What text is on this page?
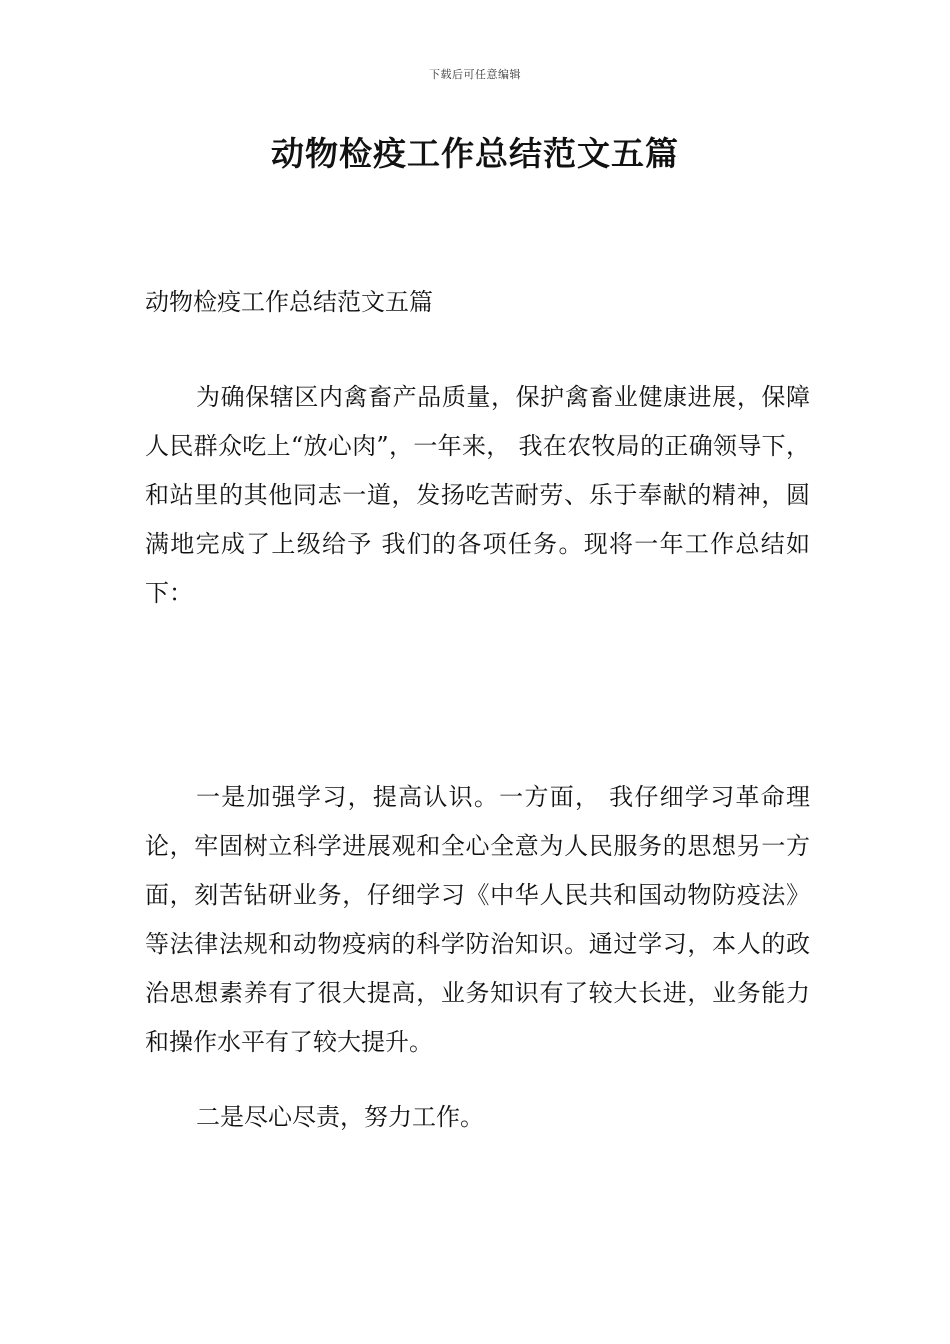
下载后可任意编辑
动物检疫工作总结范文五篇

动物检疫工作总结范文五篇

为确保辖区内禽畜产品质量，保护禽畜业健康进展，保障人民群众吃上“放心肉”，一年来， 我在农牧局的正确领导下，和站里的其他同志一道，发扬吃苦耐劳、乐于奉献的精神，圆满地完成了上级给予 我们的各项任务。现将一年工作总结如下：

一是加强学习，提高认识。一方面， 我仔细学习革命理论，牢固树立科学进展观和全心全意为人民服务的思想另一方面，刻苦钻研业务，仔细学习《中华人民共和国动物防疫法》等法律法规和动物疫病的科学防治知识。通过学习，本人的政治思想素养有了很大提高，业务知识有了较大长进，业务能力和操作水平有了较大提升。

二是尽心尽责，努力工作。
